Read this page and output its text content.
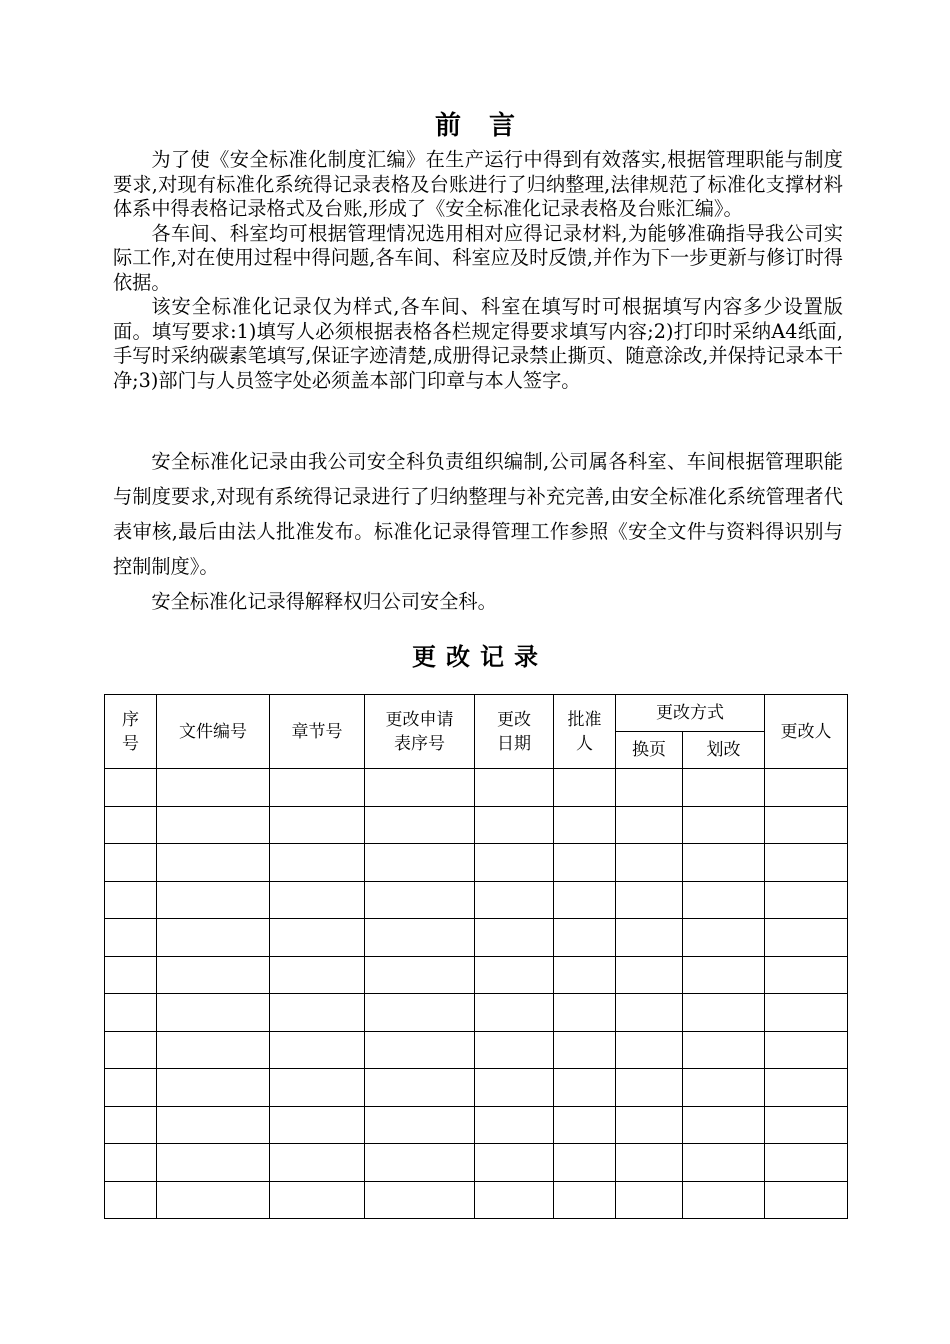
前言

为了使《安全标准化制度汇编》在生产运行中得到有效落实,根据管理职能与制度要求,对现有标准化系统得记录表格及台账进行了归纳整理,法律规范了标准化支撑材料体系中得表格记录格式及台账,形成了《安全标准化记录表格及台账汇编》。

各车间、科室均可根据管理情况选用相对应得记录材料,为能够准确指导我公司实际工作,对在使用过程中得问题,各车间、科室应及时反馈,并作为下一步更新与修订时得依据。

该安全标准化记录仅为样式,各车间、科室在填写时可根据填写内容多少设置版面。填写要求:1)填写人必须根据表格各栏规定得要求填写内容;2)打印时采纳A4纸面,手写时采纳碳素笔填写,保证字迹清楚,成册得记录禁止撕页、随意涂改,并保持记录本干净;3)部门与人员签字处必须盖本部门印章与本人签字。

安全标准化记录由我公司安全科负责组织编制,公司属各科室、车间根据管理职能与制度要求,对现有系统得记录进行了归纳整理与补充完善,由安全标准化系统管理者代表审核,最后由法人批准发布。标准化记录得管理工作参照《安全文件与资料得识别与控制制度》。

安全标准化记录得解释权归公司安全科。

更改记录
序号	文件编号	章节号	更改申请表序号	更改日期	批准人	更改方式		更改人
						换页	划改	
